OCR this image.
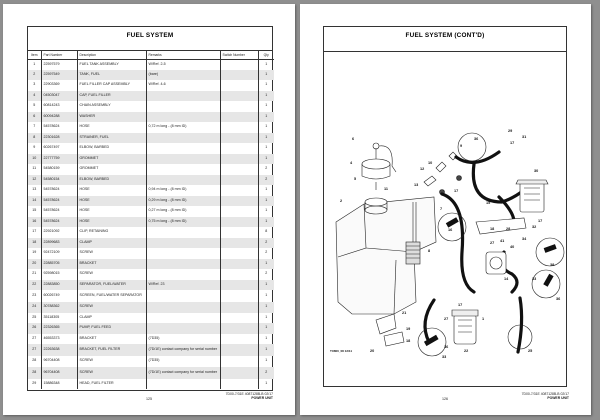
FUEL SYSTEM
Item	Part Number	Description	Remarks	Switch Number	Qty
1	22597579	FUEL TANK ASSEMBLY	W/Ref. 2-5		1
2	22597549	TANK, FUEL	(bare)		1
3	22903369	FUEL FILLER CAP ASSEMBLY	W/Ref. 4-6		1
4	04503047	CAP, FUEL FILLER			1
5	60814243	CHAIN ASSEMBLY			1
6	60094288	WASHER			1
7	54578624	HOSE	0,72 m long - (8 mm ID)		1
8	22301628	STRAINER, FUEL			1
9	60267497	ELBOW, BARBED			1
10	22777759	GROMMET			1
11	54580159	GROMMET			2
12	54580154	ELBOW, BARBED			2
13	54578624	HOSE	0,94 m long - (8 mm ID)		1
14	54578624	HOSE	0,29 m long - (8 mm ID)		1
15	54578624	HOSE	0,27 m long - (8 mm ID)		1
16	54578624	HOSE	0,75 m long - (8 mm ID)		1
17	22921092	CLIP, RETAINING			8
18	22899683	CLAMP			2
19	92472109	SCREW			2
20	22885705	BRACKET			1
21	92598015	SCREW			2
22	22883850	SEPARATOR, FUEL/WATER	W/Ref. 23		1
23	60026749	SCREEN, FUEL/WATER SEPARATOR			1
24	30788362	SCREW			1
25	35118305	CLAMP			1
26	22326365	PUMP, FUEL FEED			1
27	46553373	BRACKET	(7D35)		1
27	22263638	BRACKET, FUEL FILTER	(7D/1E) contact company for serial number		1
28	96704408	SCREW	(7D35)		1
28	96704408	SCREW	(7D/1E) contact company for serial number		2
29	15886348	HEAD, FUEL FILTER			1
125
7D00-7/31E 4087128B-B 02/17
POWER UNIT
FUEL SYSTEM (CONT'D)
2
6
4
5
11
12
10
13
9
36
17
7
13
16
29
31
17
30
15
18	28
27
32
17
34
8
14
40
41
38
33
36
25
21
19
18
20
36
33
17
22
27	1
TX800_08 12/11
126
7D00-7/31E 4087128B-B 02/17
POWER UNIT
